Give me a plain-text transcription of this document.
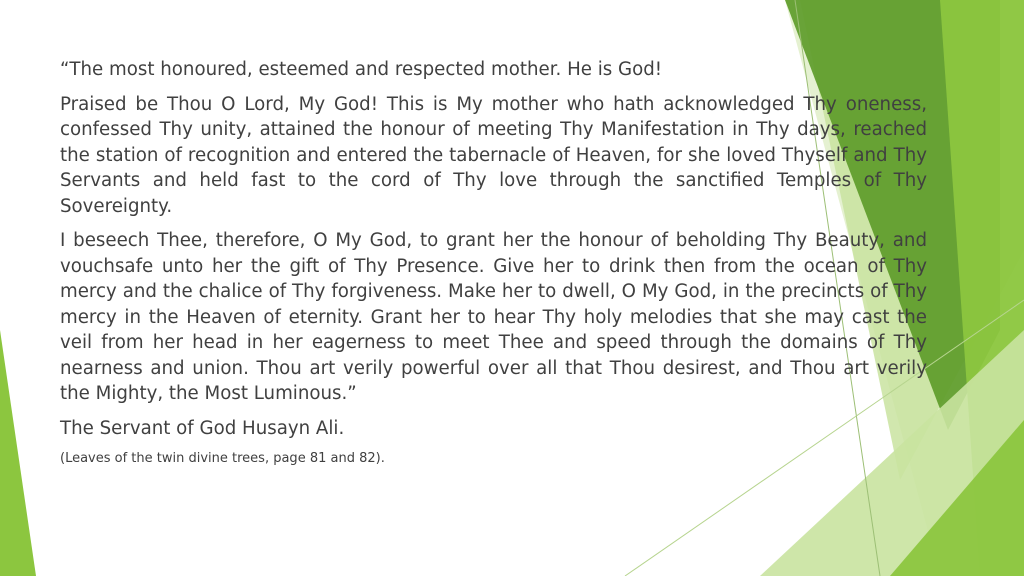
“The most honoured, esteemed and respected mother. He is God!

Praised be Thou O Lord, My God! This is My mother who hath acknowledged Thy oneness, confessed Thy unity, attained the honour of meeting Thy Manifestation in Thy days, reached the station of recognition and entered the tabernacle of Heaven, for she loved Thyself and Thy Servants and held fast to the cord of Thy love through the sanctified Temples of Thy Sovereignty.

I beseech Thee, therefore, O My God, to grant her the honour of beholding Thy Beauty, and vouchsafe unto her the gift of Thy Presence. Give her to drink then from the ocean of Thy mercy and the chalice of Thy forgiveness. Make her to dwell, O My God, in the precincts of Thy mercy in the Heaven of eternity. Grant her to hear Thy holy melodies that she may cast the veil from her head in her eagerness to meet Thee and speed through the domains of Thy nearness and union. Thou art verily powerful over all that Thou desirest, and Thou art verily the Mighty, the Most Luminous.”

The Servant of God Husayn Ali.

(Leaves of the twin divine trees, page 81 and 82).
